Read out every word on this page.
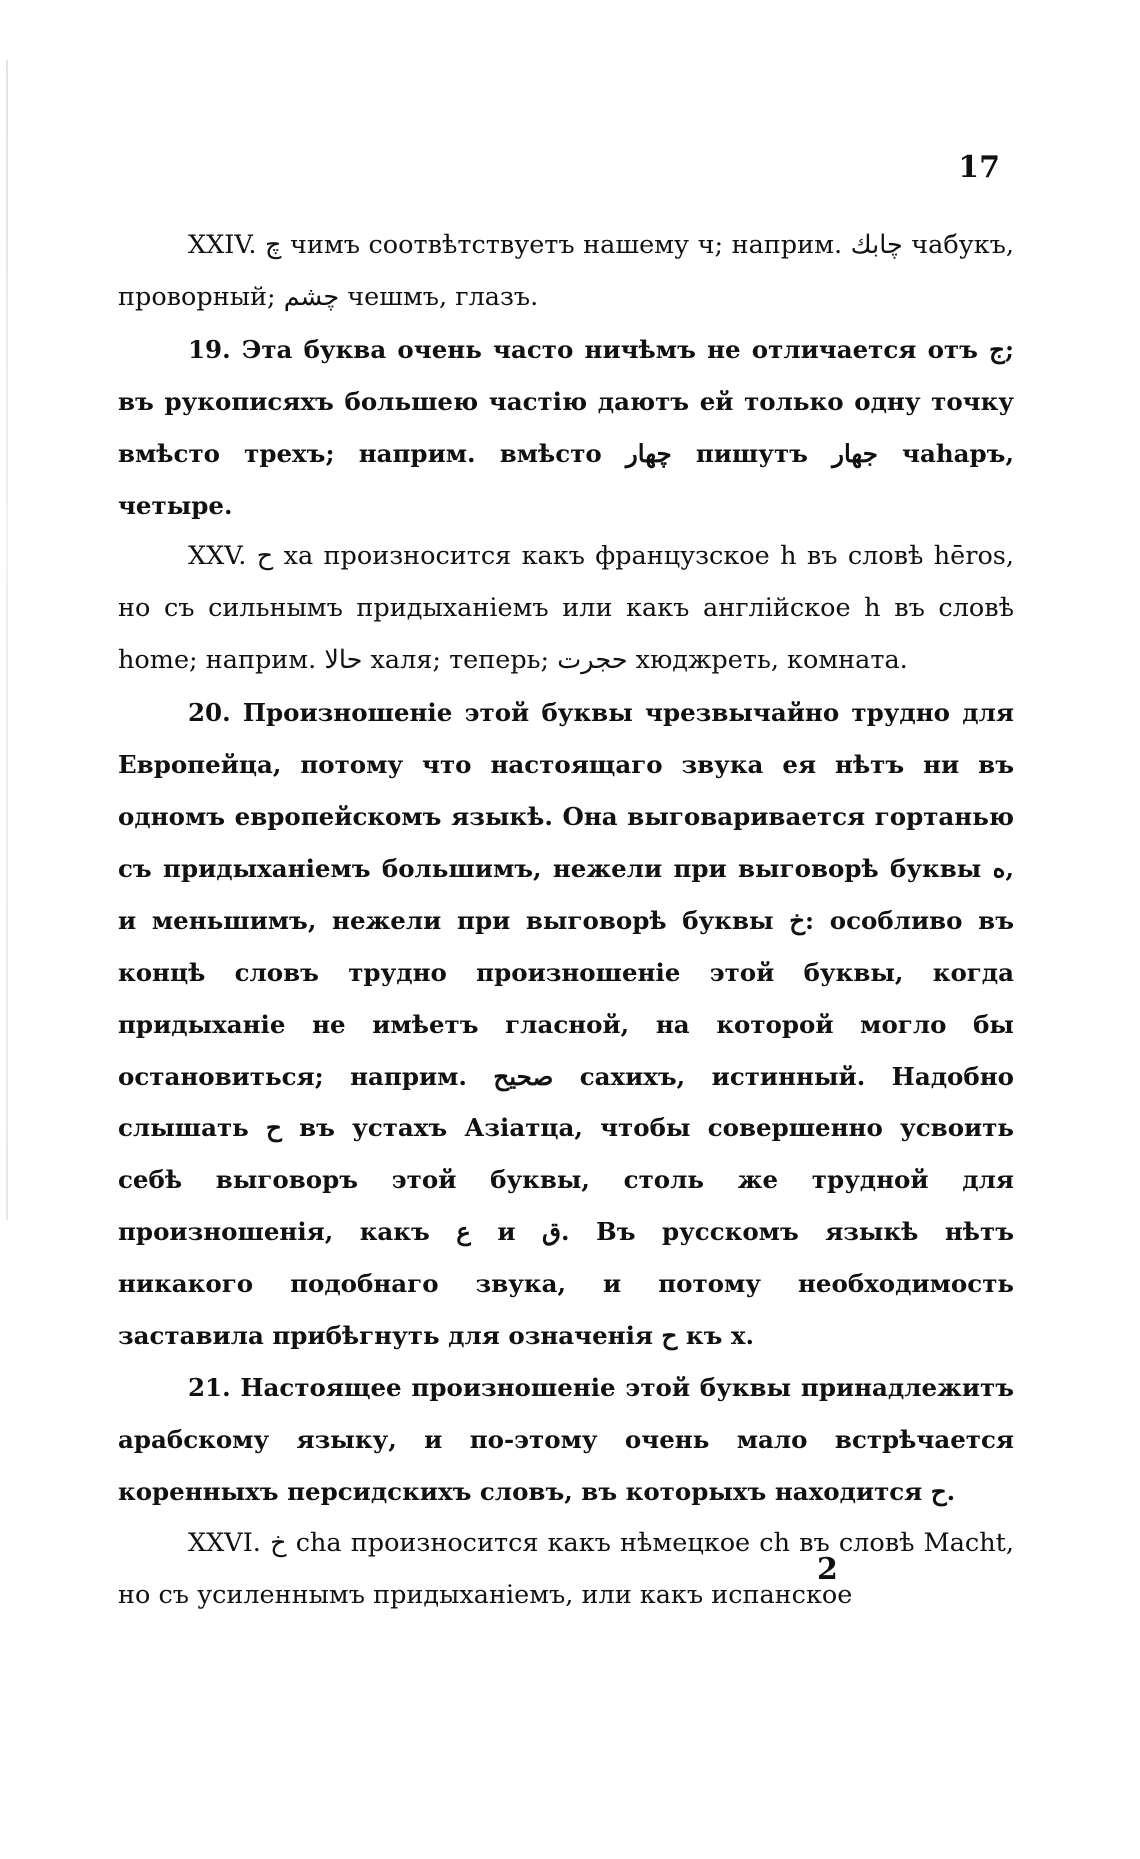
17

XXIV. چ чимъ соотвѣтствуетъ нашему ч; наприм. چابك чабукъ, проворный; چشم чешмъ, глазъ.

19. Эта буква очень часто ничѣмъ не отличается отъ ج; въ рукописяхъ большею частію даютъ ей только одну точку вмѣсто трехъ; наприм. вмѣсто چهار пишутъ جهار чаhаръ, четыре.

XXV. ح ха произносится какъ французское h въ словѣ hēros, но съ сильнымъ придыханіемъ или какъ англійское h въ словѣ home; наприм. حالا халя; теперь; حجرت хюджреть, комната.

20. Произношеніе этой буквы чрезвычайно трудно для Европейца, потому что настоящаго звука ея нѣтъ ни въ одномъ европейскомъ языкѣ. Она выговаривается гортанью съ придыханіемъ большимъ, нежели при выговорѣ буквы ه, и меньшимъ, нежели при выговорѣ буквы خ: особливо въ концѣ словъ трудно произношеніе этой буквы, когда придыханіе не имѣетъ гласной, на которой могло бы остановиться; наприм. صحيح сахихъ, истинный. Надобно слышать ح въ устахъ Азіатца, чтобы совершенно усвоить себѣ выговоръ этой буквы, столь же трудной для произношенія, какъ ع и ق. Въ русскомъ языкѣ нѣтъ никакого подобнаго звука, и потому необходимость заставила прибѣгнуть для означенія ح къ х.

21. Настоящее произношеніе этой буквы принадлежитъ арабскому языку, и по-этому очень мало встрѣчается коренныхъ персидскихъ словъ, въ которыхъ находится ح.

XXVI. خ cha произносится какъ нѣмецкое ch въ словѣ Macht, но съ усиленнымъ придыханіемъ, или какъ испанское

2
